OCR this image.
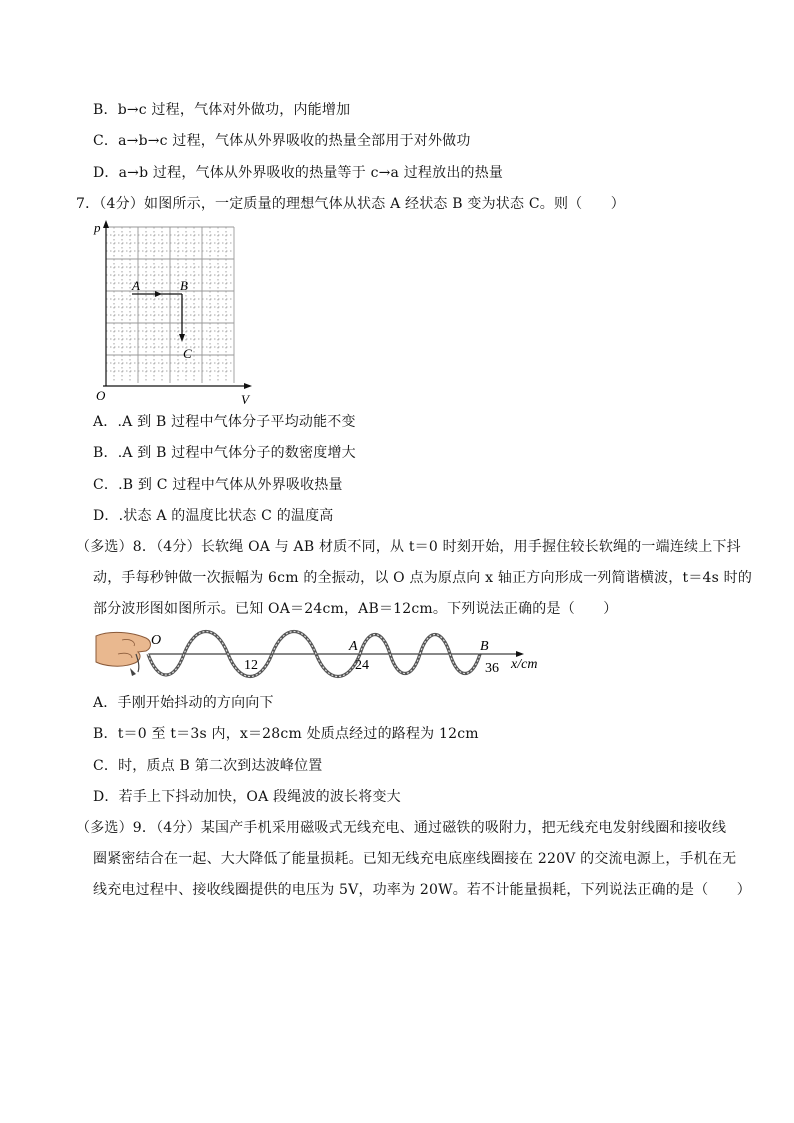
B．b→c 过程，气体对外做功，内能增加
C．a→b→c 过程，气体从外界吸收的热量全部用于对外做功
D．a→b 过程，气体从外界吸收的热量等于 c→a 过程放出的热量
7．（4分）如图所示，一定质量的理想气体从状态 A 经状态 B 变为状态 C。则（　　）
p
V
O
A	B
C
A．.A 到 B 过程中气体分子平均动能不变
B．.A 到 B 过程中气体分子的数密度增大
C．.B 到 C 过程中气体从外界吸收热量
D．.状态 A 的温度比状态 C 的温度高
（多选）8．（4分）长软绳 OA 与 AB 材质不同，从 t＝0 时刻开始，用手握住较长软绳的一端连续上下抖
动，手每秒钟做一次振幅为 6cm 的全振动，以 O 点为原点向 x 轴正方向形成一列简谐横波，t＝4s 时的
部分波形图如图所示。已知 OA＝24cm，AB＝12cm。下列说法正确的是（　　）
O
12
A
24
B
36 x/cm
A．手刚开始抖动的方向向下
B．t＝0 至 t＝3s 内，x＝28cm 处质点经过的路程为 12cm
C．时，质点 B 第二次到达波峰位置
D．若手上下抖动加快，OA 段绳波的波长将变大
（多选）9．（4分）某国产手机采用磁吸式无线充电、通过磁铁的吸附力，把无线充电发射线圈和接收线
圈紧密结合在一起、大大降低了能量损耗。已知无线充电底座线圈接在 220V 的交流电源上，手机在无
线充电过程中、接收线圈提供的电压为 5V，功率为 20W。若不计能量损耗，下列说法正确的是（　　）
